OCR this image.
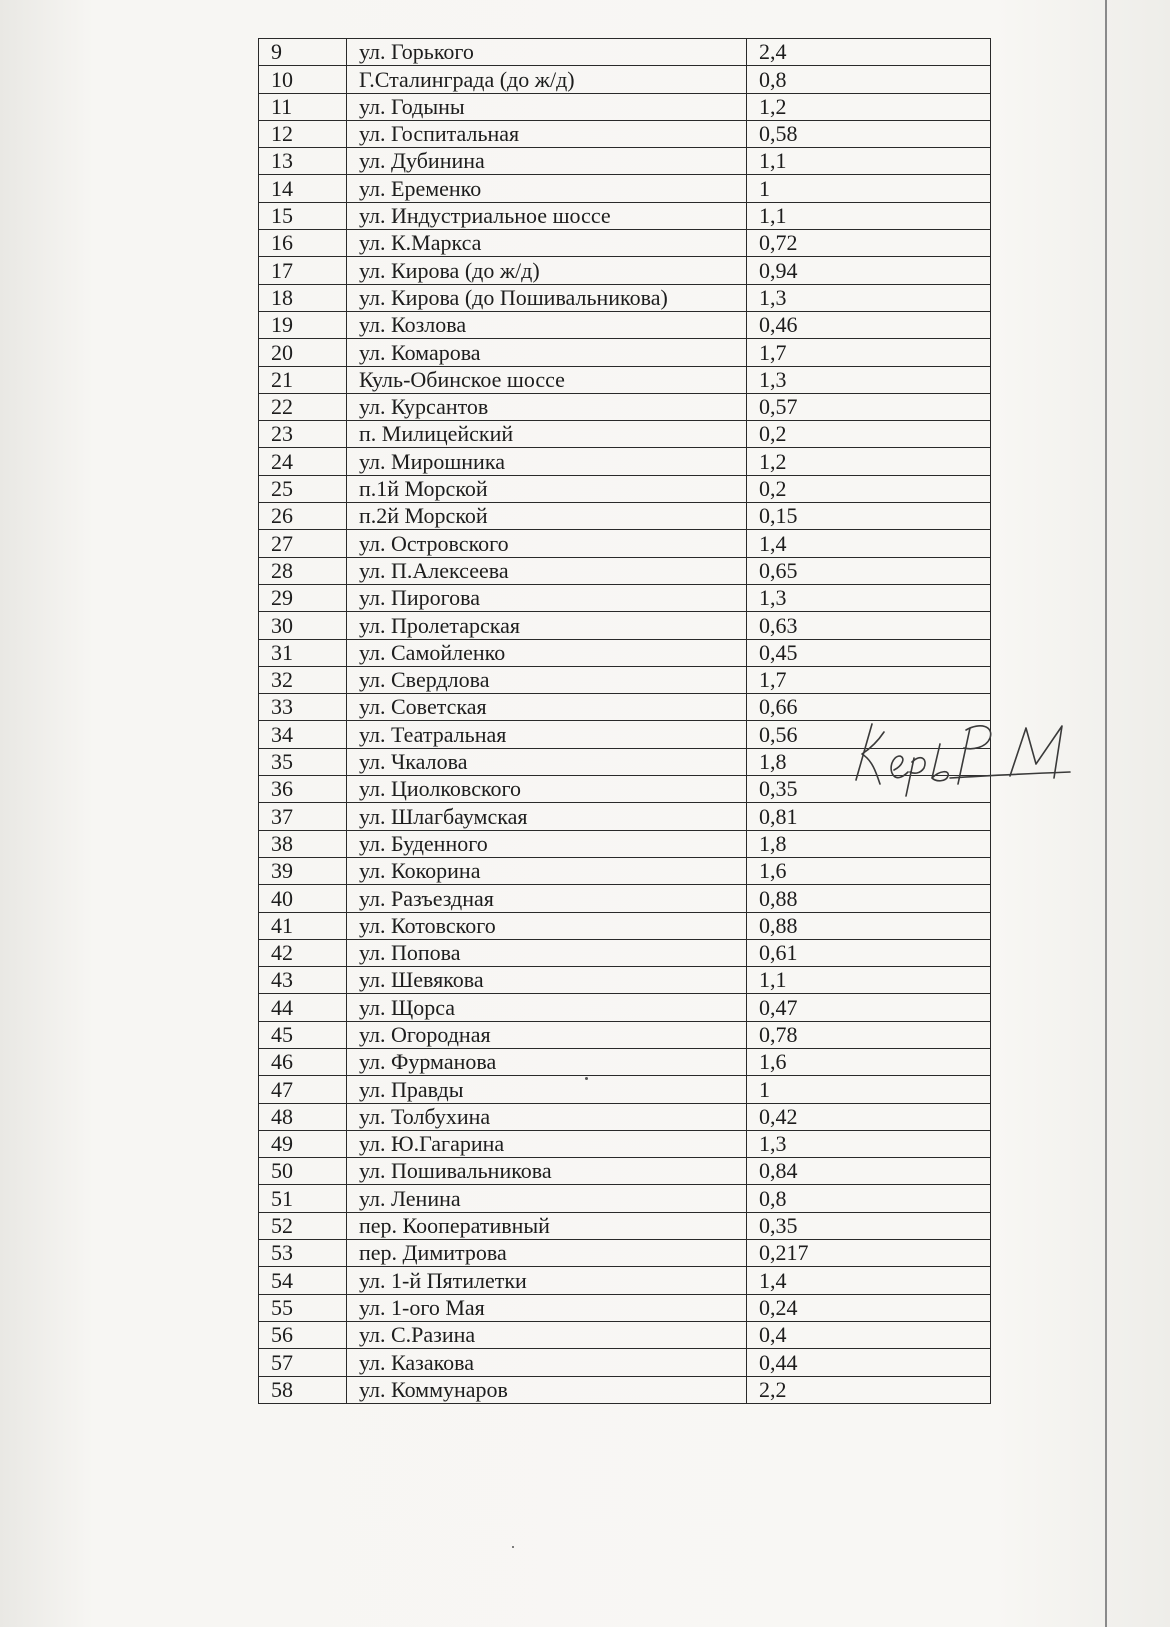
9	ул. Горького	2,4
10	Г.Сталинграда (до ж/д)	0,8
11	ул. Годыны	1,2
12	ул. Госпитальная	0,58
13	ул. Дубинина	1,1
14	ул. Еременко	1
15	ул. Индустриальное шоссе	1,1
16	ул. К.Маркса	0,72
17	ул. Кирова (до ж/д)	0,94
18	ул. Кирова (до Пошивальникова)	1,3
19	ул. Козлова	0,46
20	ул. Комарова	1,7
21	Куль-Обинское шоссе	1,3
22	ул. Курсантов	0,57
23	п. Милицейский	0,2
24	ул. Мирошника	1,2
25	п.1й Морской	0,2
26	п.2й Морской	0,15
27	ул. Островского	1,4
28	ул. П.Алексеева	0,65
29	ул. Пирогова	1,3
30	ул. Пролетарская	0,63
31	ул. Самойленко	0,45
32	ул. Свердлова	1,7
33	ул. Советская	0,66
34	ул. Театральная	0,56
35	ул. Чкалова	1,8
36	ул. Циолковского	0,35
37	ул. Шлагбаумская	0,81
38	ул. Буденного	1,8
39	ул. Кокорина	1,6
40	ул. Разъездная	0,88
41	ул. Котовского	0,88
42	ул. Попова	0,61
43	ул. Шевякова	1,1
44	ул. Щорса	0,47
45	ул. Огородная	0,78
46	ул. Фурманова	1,6
47	ул. Правды	1
48	ул. Толбухина	0,42
49	ул. Ю.Гагарина	1,3
50	ул. Пошивальникова	0,84
51	ул. Ленина	0,8
52	пер. Кооперативный	0,35
53	пер. Димитрова	0,217
54	ул. 1-й Пятилетки	1,4
55	ул. 1-ого Мая	0,24
56	ул. С.Разина	0,4
57	ул. Казакова	0,44
58	ул. Коммунаров	2,2
Керь РМ
